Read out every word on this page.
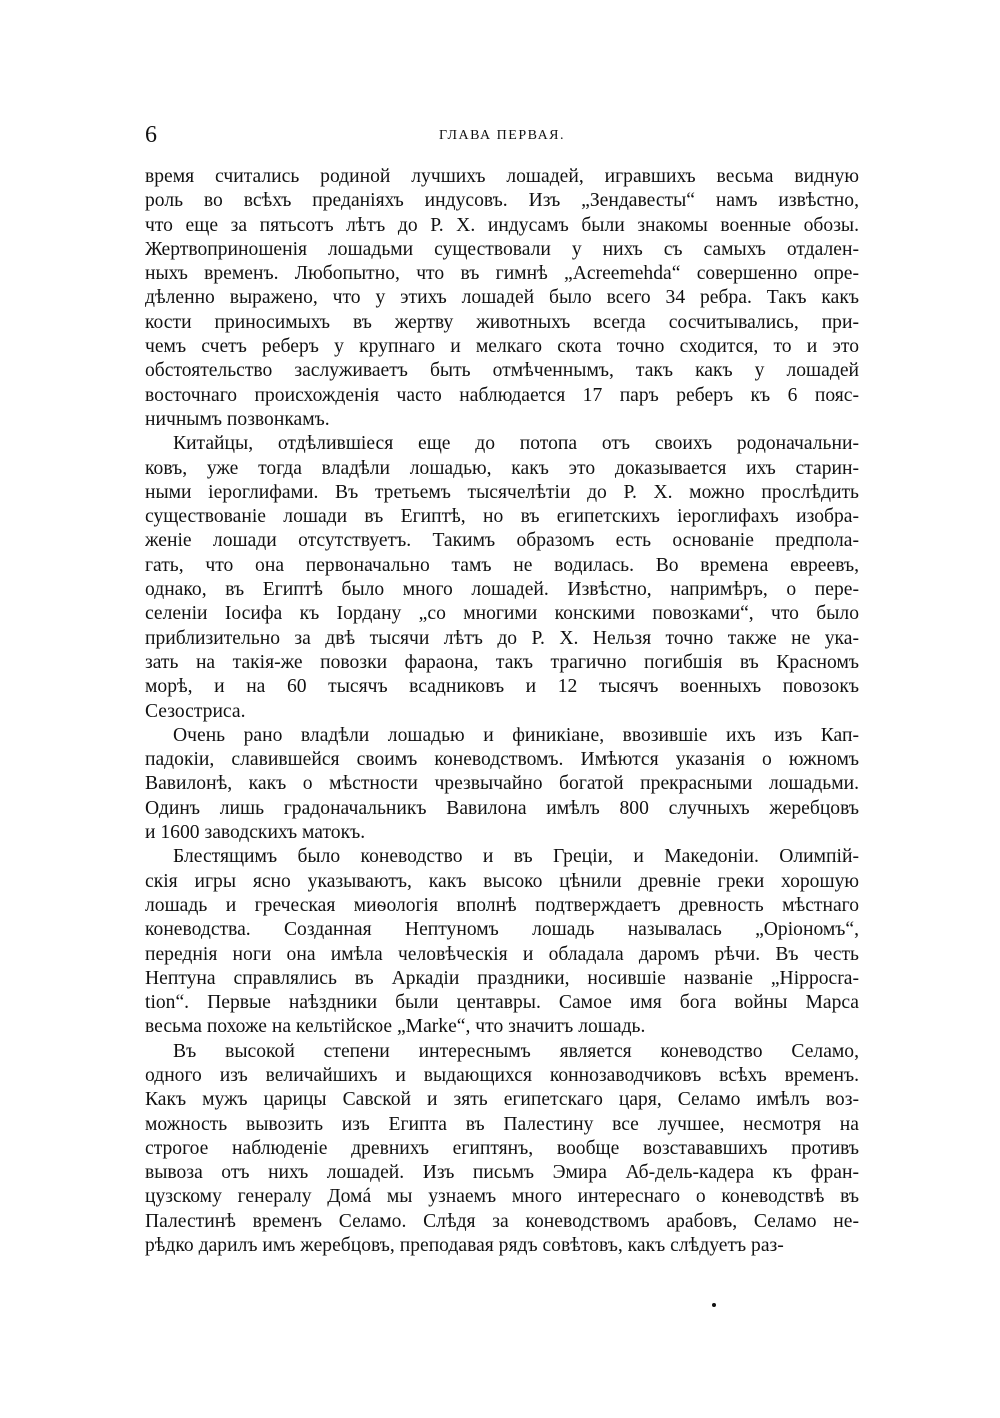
6	ГЛАВА ПЕРВАЯ.
время считались родиной лучшихъ лошадей, игравшихъ весьма видную
роль во всѣхъ преданіяхъ индусовъ. Изъ „Зендавесты“ намъ извѣстно,
что еще за пятьсотъ лѣтъ до Р. Х. индусамъ были знакомы военные обозы.
Жертвоприношенія лошадьми существовали у нихъ съ самыхъ отдален-
ныхъ временъ. Любопытно, что въ гимнѣ „Acreemehda“ совершенно опре-
дѣленно выражено, что у этихъ лошадей было всего 34 ребра. Такъ какъ
кости приносимыхъ въ жертву животныхъ всегда сосчитывались, при-
чемъ счетъ реберъ у крупнаго и мелкаго скота точно сходится, то и это
обстоятельство заслуживаетъ быть отмѣченнымъ, такъ какъ у лошадей
восточнаго происхожденія часто наблюдается 17 паръ реберъ къ 6 пояс-
ничнымъ позвонкамъ.
Китайцы, отдѣлившіеся еще до потопа отъ своихъ родоначальни-
ковъ, уже тогда владѣли лошадью, какъ это доказывается ихъ старин-
ными іероглифами. Въ третьемъ тысячелѣтіи до Р. Х. можно прослѣдить
существованіе лошади въ Египтѣ, но въ египетскихъ іероглифахъ изобра-
женіе лошади отсутствуетъ. Такимъ образомъ есть основаніе предпола-
гать, что она первоначально тамъ не водилась. Во времена евреевъ,
однако, въ Египтѣ было много лошадей. Извѣстно, напримѣръ, о пере-
селеніи Іосифа къ Іордану „со многими конскими повозками“, что было
приблизительно за двѣ тысячи лѣтъ до Р. Х. Нельзя точно также не ука-
зать на такія-же повозки фараона, такъ трагично погибшія въ Красномъ
морѣ, и на 60 тысячъ всадниковъ и 12 тысячъ военныхъ повозокъ
Сезостриса.
Очень рано владѣли лошадью и финикіане, ввозившіе ихъ изъ Кап-
падокіи, славившейся своимъ коневодствомъ. Имѣются указанія о южномъ
Вавилонѣ, какъ о мѣстности чрезвычайно богатой прекрасными лошадьми.
Одинъ лишь градоначальникъ Вавилона имѣлъ 800 случныхъ жеребцовъ
и 1600 заводскихъ матокъ.
Блестящимъ было коневодство и въ Греціи, и Македоніи. Олимпій-
скія игры ясно указываютъ, какъ высоко цѣнили древніе греки хорошую
лошадь и греческая миѳологія вполнѣ подтверждаетъ древность мѣстнаго
коневодства. Созданная Нептуномъ лошадь называлась „Оріономъ“,
переднія ноги она имѣла человѣческія и обладала даромъ рѣчи. Въ честь
Нептуна справлялись въ Аркадіи праздники, носившіе названіе „Hippocra-
tion“. Первые наѣздники были центавры. Самое имя бога войны Марса
весьма похоже на кельтійское „Marke“, что значитъ лошадь.
Въ высокой степени интереснымъ является коневодство Селамо,
одного изъ величайшихъ и выдающихся коннозаводчиковъ всѣхъ временъ.
Какъ мужъ царицы Савской и зять египетскаго царя, Селамо имѣлъ воз-
можность вывозить изъ Египта въ Палестину все лучшее, несмотря на
строгое наблюденіе древнихъ египтянъ, вообще возстававшихъ противъ
вывоза отъ нихъ лошадей. Изъ письмъ Эмира Аб-дель-кадера къ фран-
цузскому генералу Домá мы узнаемъ много интереснаго о коневодствѣ въ
Палестинѣ временъ Селамо. Слѣдя за коневодствомъ арабовъ, Селамо не-
рѣдко дарилъ имъ жеребцовъ, преподавая рядъ совѣтовъ, какъ слѣдуетъ раз-
